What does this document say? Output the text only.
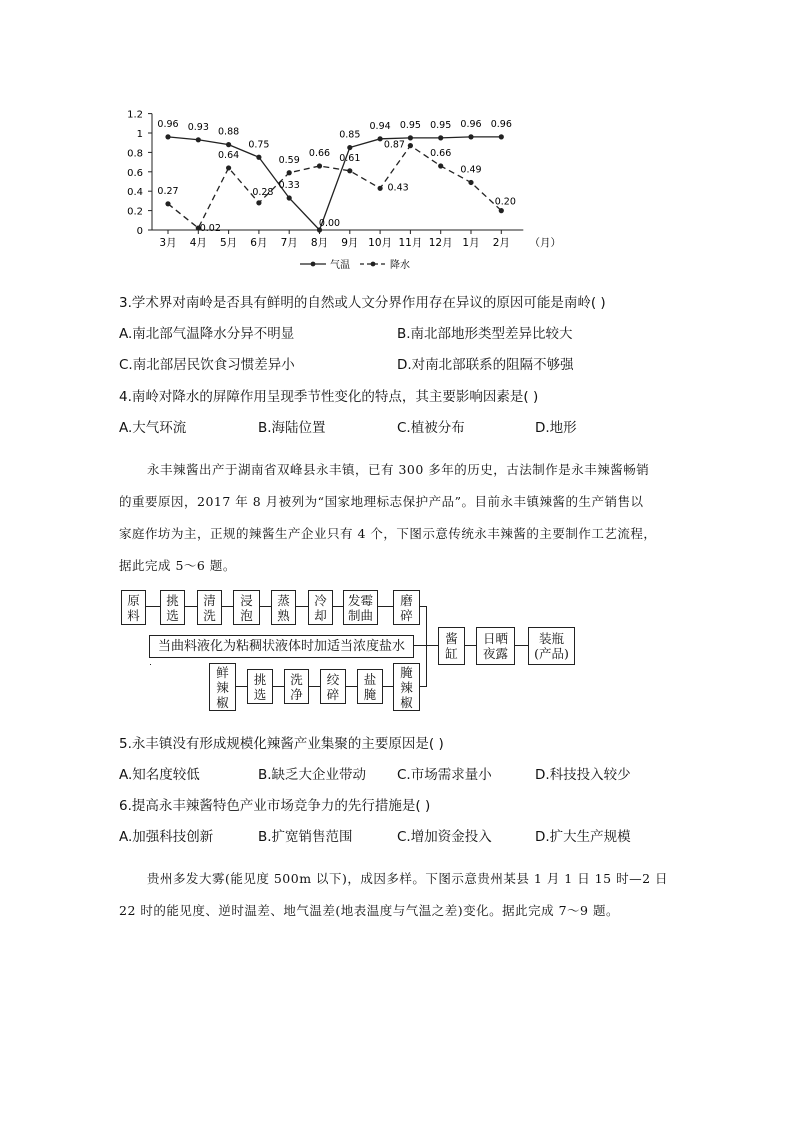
0
0.2
0.4
0.6
0.8
1
1.2
3月 4月 5月 6月 7月 8月 9月 10月 11月 12月 1月 2月 （月）
0.96 0.93 0.88
0.75
0.33
0.00
0.85
0.94 0.95 0.95 0.96 0.96
0.27
0.02
0.64
0.28
0.59
0.66 0.61
0.43
0.87
0.66
0.49
0.20
气温	降水
3.学术界对南岭是否具有鲜明的自然或人文分界作用存在异议的原因可能是南岭( )
A.南北部气温降水分异不明显	B.南北部地形类型差异比较大
C.南北部居民饮食习惯差异小	D.对南北部联系的阻隔不够强
4.南岭对降水的屏障作用呈现季节性变化的特点，其主要影响因素是( )
A.大气环流	B.海陆位置	C.植被分布	D.地形
永丰辣酱出产于湖南省双峰县永丰镇，已有 300 多年的历史，古法制作是永丰辣酱畅销
的重要原因，2017 年 8 月被列为“国家地理标志保护产品”。目前永丰镇辣酱的生产销售以
家庭作坊为主，正规的辣酱生产企业只有 4 个，下图示意传统永丰辣酱的主要制作工艺流程，
据此完成 5～6 题。
原
料
挑
选
清
洗
浸
泡
蒸
熟
冷
却
发霉
制曲
磨
碎
当曲料液化为粘稠状液体时加适当浓度盐水
鲜
辣
椒
挑
选
洗
净
绞
碎
盐
腌
腌
辣
椒
酱
缸
日晒
夜露
装瓶
(产品)
5.永丰镇没有形成规模化辣酱产业集聚的主要原因是( )
A.知名度较低	B.缺乏大企业带动 C.市场需求量小	D.科技投入较少
6.提高永丰辣酱特色产业市场竞争力的先行措施是( )
A.加强科技创新	B.扩宽销售范围	C.增加资金投入	D.扩大生产规模
贵州多发大雾(能见度 500m 以下)，成因多样。下图示意贵州某县 1 月 1 日 15 时—2 日
22 时的能见度、逆时温差、地气温差(地表温度与气温之差)变化。据此完成 7～9 题。
